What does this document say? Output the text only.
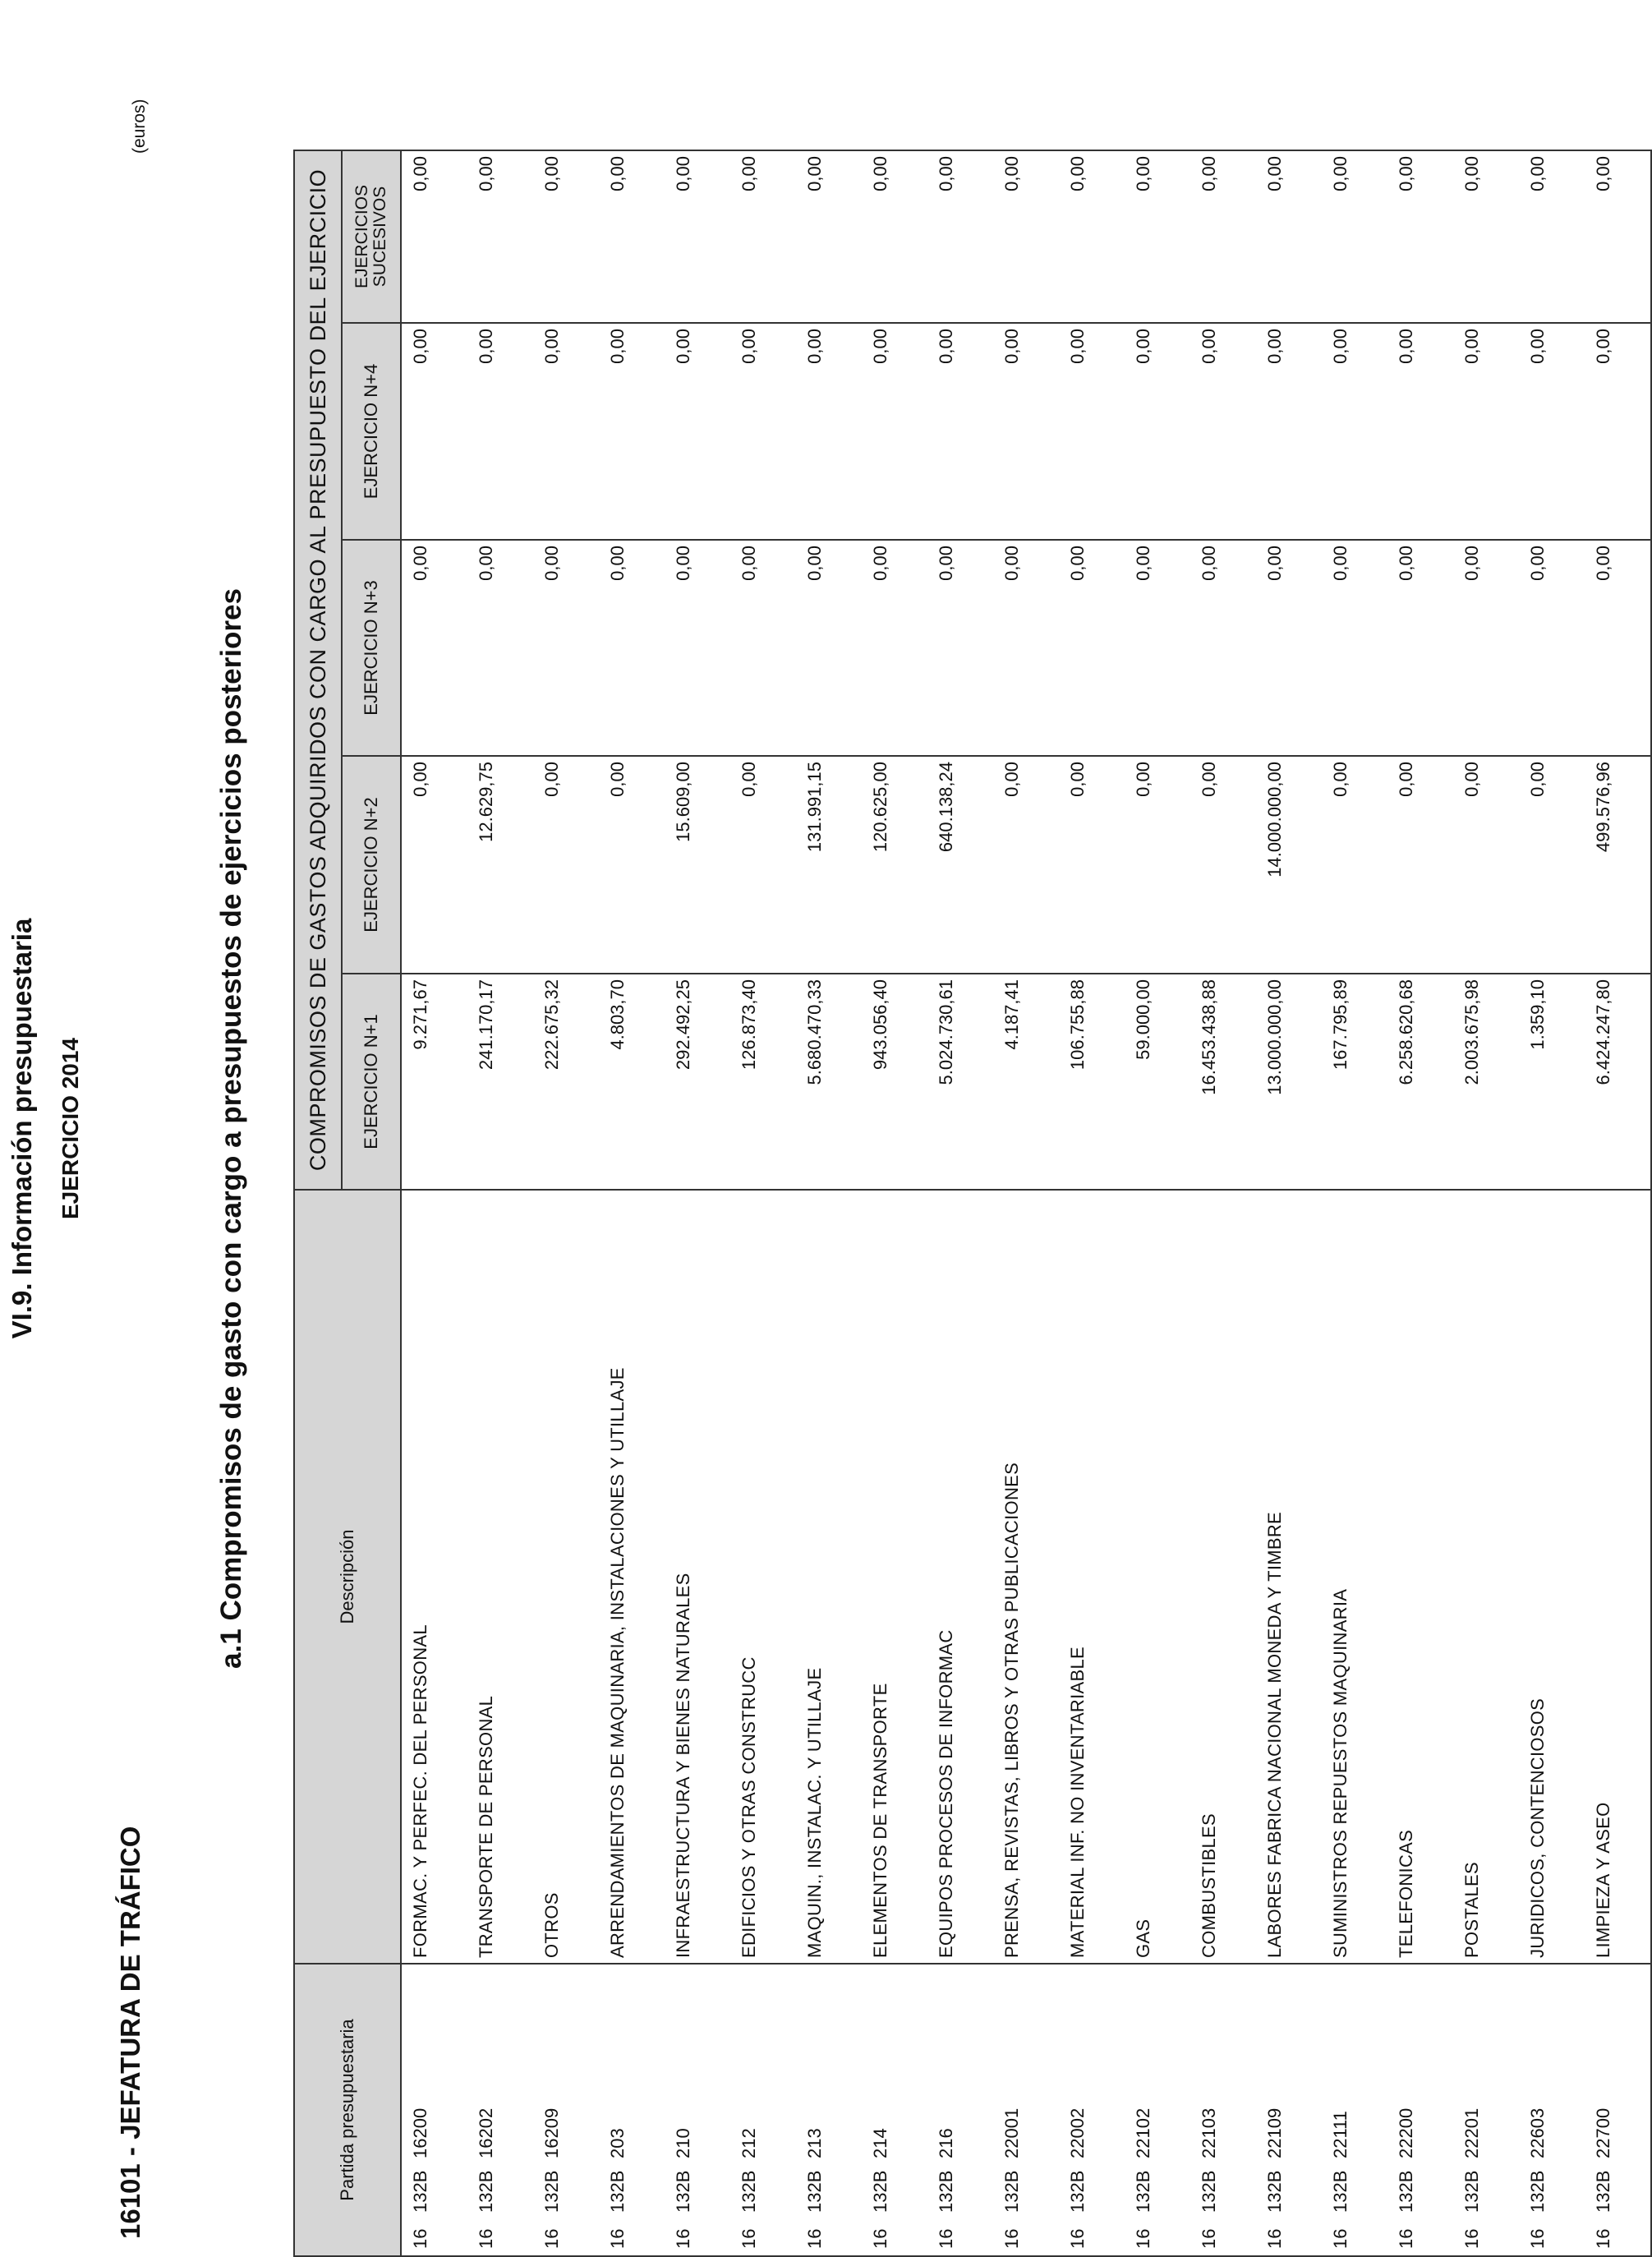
VI.9. Información presupuestaria EJERCICIO 2014
16101 - JEFATURA DE TRÁFICO
(euros)
a.1 Compromisos de gasto con cargo a presupuestos de ejercicios posteriores
Partida presupuestaria	Descripción	COMPROMISOS DE GASTOS ADQUIRIDOS CON CARGO AL PRESUPUESTO DEL EJERCICIO				
		EJERCICIO N+1	EJERCICIO N+2	EJERCICIO N+3	EJERCICIO N+4	EJERCICIOS SUCESIVOS

16132B16200	FORMAC. Y PERFEC. DEL PERSONAL	9.271,67	0,00	0,00	0,00	0,00
16132B16202	TRANSPORTE DE PERSONAL	241.170,17	12.629,75	0,00	0,00	0,00
16132B16209	OTROS	222.675,32	0,00	0,00	0,00	0,00
16132B203	ARRENDAMIENTOS DE MAQUINARIA, INSTALACIONES Y UTILLAJE	4.803,70	0,00	0,00	0,00	0,00
16132B210	INFRAESTRUCTURA Y BIENES NATURALES	292.492,25	15.609,00	0,00	0,00	0,00
16132B212	EDIFICIOS Y OTRAS CONSTRUCC	126.873,40	0,00	0,00	0,00	0,00
16132B213	MAQUIN., INSTALAC. Y UTILLAJE	5.680.470,33	131.991,15	0,00	0,00	0,00
16132B214	ELEMENTOS DE TRANSPORTE	943.056,40	120.625,00	0,00	0,00	0,00
16132B216	EQUIPOS PROCESOS DE INFORMAC	5.024.730,61	640.138,24	0,00	0,00	0,00
16132B22001	PRENSA, REVISTAS, LIBROS Y OTRAS PUBLICACIONES	4.187,41	0,00	0,00	0,00	0,00
16132B22002	MATERIAL INF. NO INVENTARIABLE	106.755,88	0,00	0,00	0,00	0,00
16132B22102	GAS	59.000,00	0,00	0,00	0,00	0,00
16132B22103	COMBUSTIBLES	16.453.438,88	0,00	0,00	0,00	0,00
16132B22109	LABORES FABRICA NACIONAL MONEDA Y TIMBRE	13.000.000,00	14.000.000,00	0,00	0,00	0,00
16132B22111	SUMINISTROS REPUESTOS MAQUINARIA	167.795,89	0,00	0,00	0,00	0,00
16132B22200	TELEFONICAS	6.258.620,68	0,00	0,00	0,00	0,00
16132B22201	POSTALES	2.003.675,98	0,00	0,00	0,00	0,00
16132B22603	JURIDICOS, CONTENCIOSOS	1.359,10	0,00	0,00	0,00	0,00
16132B22700	LIMPIEZA Y ASEO	6.424.247,80	499.576,96	0,00	0,00	0,00
